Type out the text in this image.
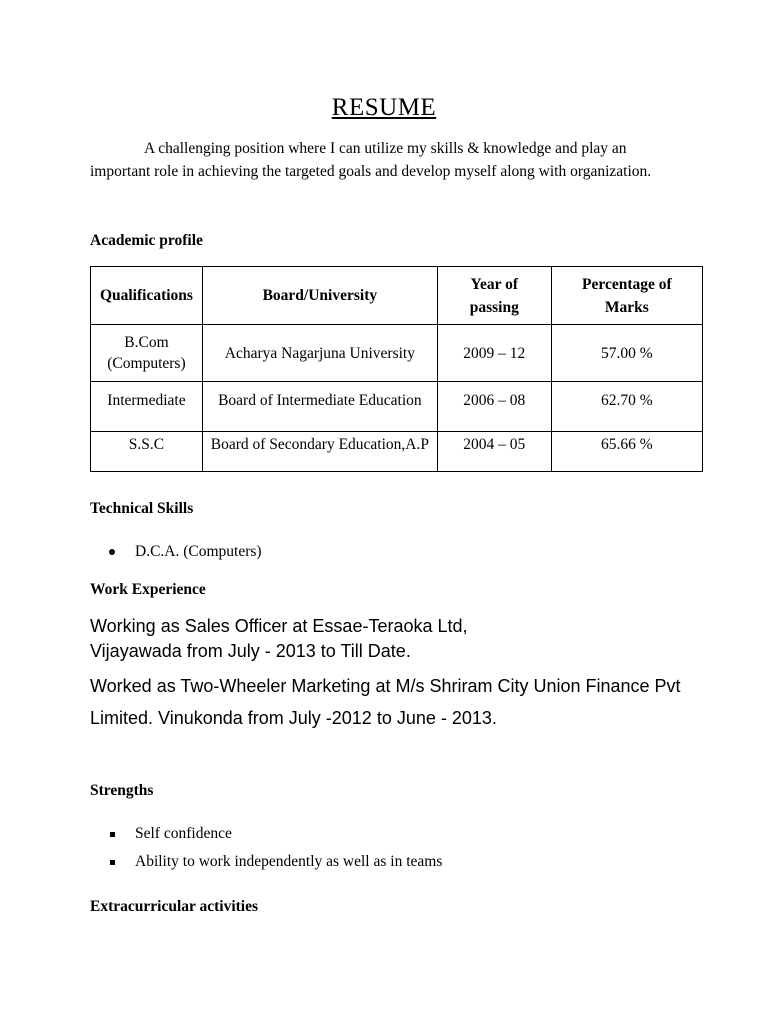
RESUME
A challenging position where I can utilize my skills & knowledge and play an important role in achieving the targeted goals and develop myself along with organization.
Academic profile
Qualifications	Board/University	Year of passing	Percentage of Marks
B.Com (Computers)	Acharya Nagarjuna University	2009 – 12	57.00 %
Intermediate	Board of Intermediate Education	2006 – 08	62.70 %
S.S.C	Board of Secondary Education,A.P	2004 – 05	65.66 %
Technical Skills
D.C.A. (Computers)
Work Experience
Working as Sales Officer at Essae-Teraoka Ltd,
Vijayawada from July - 2013 to Till Date.
Worked as Two-Wheeler Marketing at M/s Shriram City Union Finance Pvt
Limited. Vinukonda from July -2012 to June - 2013.
Strengths
Self confidence
Ability to work independently as well as in teams
Extracurricular activities
